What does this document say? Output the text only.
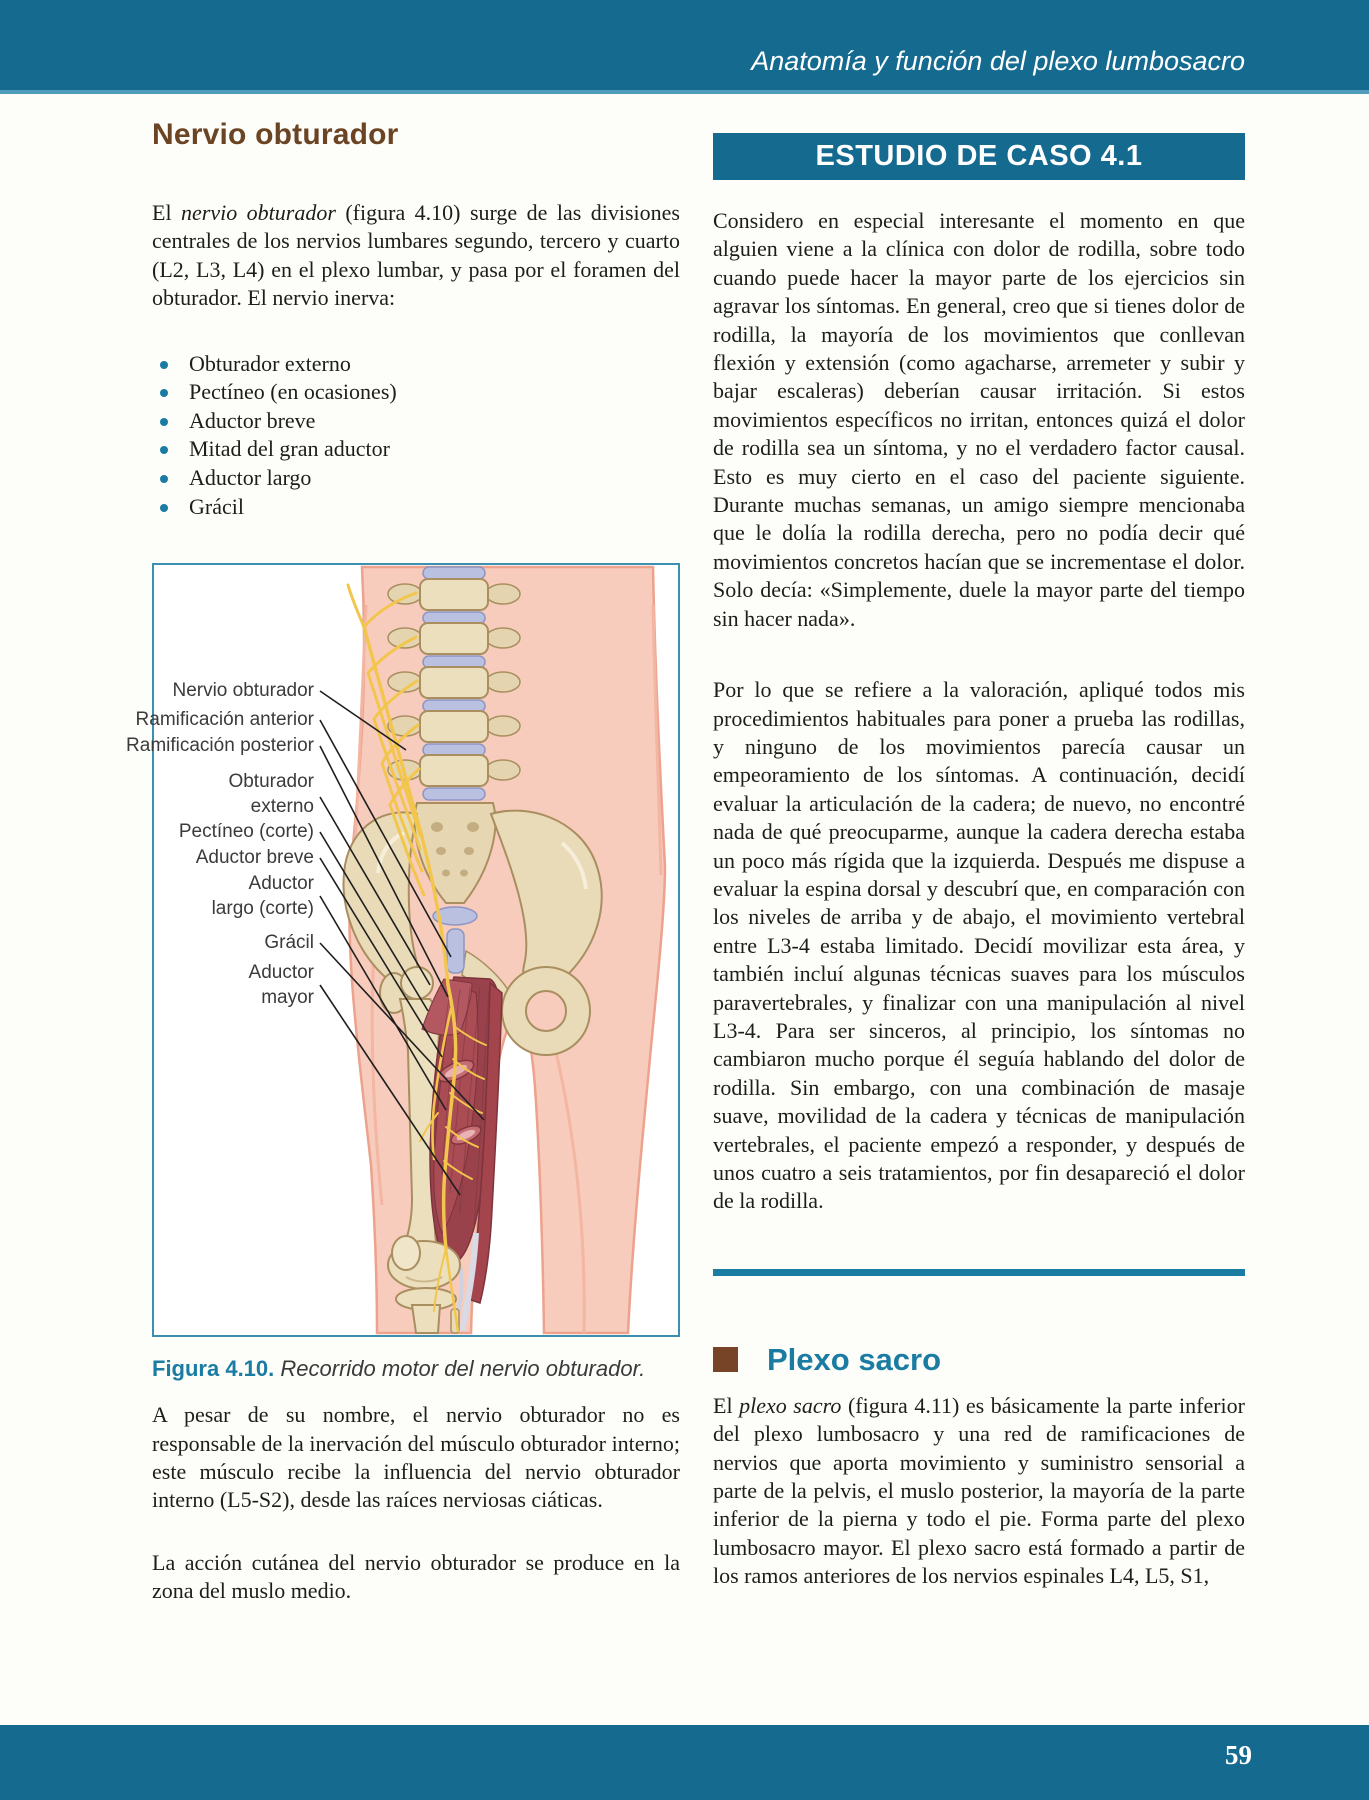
Anatomía y función del plexo lumbosacro
Nervio obturador

El nervio obturador (figura 4.10) surge de las divisiones centrales de los nervios lumbares segundo, tercero y cuarto (L2, L3, L4) en el plexo lumbar, y pasa por el foramen del obturador. El nervio inerva:

Obturador externo
Pectíneo (en ocasiones)
Aductor breve
Mitad del gran aductor
Aductor largo
Grácil
Nervio obturador
Ramificación anterior
Ramificación posterior
Obturador
externo
Pectíneo (corte)
Aductor breve
Aductor
largo (corte)
Grácil
Aductor
mayor

Figura 4.10. Recorrido motor del nervio obturador.

A pesar de su nombre, el nervio obturador no es responsable de la inervación del músculo obturador interno; este músculo recibe la influencia del nervio obturador interno (L5-S2), desde las raíces nerviosas ciáticas.

La acción cutánea del nervio obturador se produce en la zona del muslo medio.

ESTUDIO DE CASO 4.1

Considero en especial interesante el momento en que alguien viene a la clínica con dolor de rodilla, sobre todo cuando puede hacer la mayor parte de los ejercicios sin agravar los síntomas. En general, creo que si tienes dolor de rodilla, la mayoría de los movimientos que conllevan flexión y extensión (como agacharse, arremeter y subir y bajar escaleras) deberían causar irritación. Si estos movimientos específicos no irritan, entonces quizá el dolor de rodilla sea un síntoma, y no el verdadero factor causal. Esto es muy cierto en el caso del paciente siguiente. Durante muchas semanas, un amigo siempre mencionaba que le dolía la rodilla derecha, pero no podía decir qué movimientos concretos hacían que se incrementase el dolor. Solo decía: «Simplemente, duele la mayor parte del tiempo sin hacer nada».

Por lo que se refiere a la valoración, apliqué todos mis procedimientos habituales para poner a prueba las rodillas, y ninguno de los movimientos parecía causar un empeoramiento de los síntomas. A continuación, decidí evaluar la articulación de la cadera; de nuevo, no encontré nada de qué preocuparme, aunque la cadera derecha estaba un poco más rígida que la izquierda. Después me dispuse a evaluar la espina dorsal y descubrí que, en comparación con los niveles de arriba y de abajo, el movimiento vertebral entre L3-4 estaba limitado. Decidí movilizar esta área, y también incluí algunas técnicas suaves para los músculos paravertebrales, y finalizar con una manipulación al nivel L3-4. Para ser sinceros, al principio, los síntomas no cambiaron mucho porque él seguía hablando del dolor de rodilla. Sin embargo, con una combinación de masaje suave, movilidad de la cadera y técnicas de manipulación vertebrales, el paciente empezó a responder, y después de unos cuatro a seis tratamientos, por fin desapareció el dolor de la rodilla.

Plexo sacro

El plexo sacro (figura 4.11) es básicamente la parte inferior del plexo lumbosacro y una red de ramificaciones de nervios que aporta movimiento y suministro sensorial a parte de la pelvis, el muslo posterior, la mayoría de la parte inferior de la pierna y todo el pie. Forma parte del plexo lumbosacro mayor. El plexo sacro está formado a partir de los ramos anteriores de los nervios espinales L4, L5, S1,

59
